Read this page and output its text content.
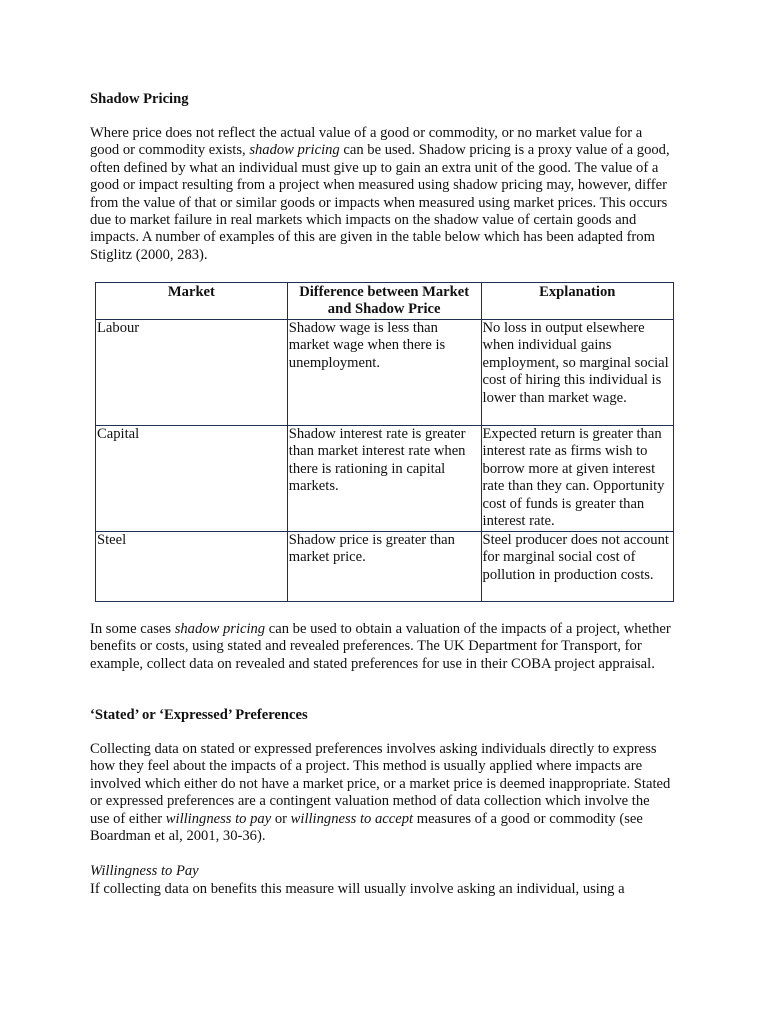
Shadow Pricing

Where price does not reflect the actual value of a good or commodity, or no market value for a good or commodity exists, shadow pricing can be used. Shadow pricing is a proxy value of a good, often defined by what an individual must give up to gain an extra unit of the good. The value of a good or impact resulting from a project when measured using shadow pricing may, however, differ from the value of that or similar goods or impacts when measured using market prices. This occurs due to market failure in real markets which impacts on the shadow value of certain goods and impacts. A number of examples of this are given in the table below which has been adapted from Stiglitz (2000, 283).

Market	Difference between Market and Shadow Price	Explanation
Labour	Shadow wage is less than market wage when there is unemployment.	No loss in output elsewhere when individual gains employment, so marginal social cost of hiring this individual is lower than market wage.
Capital	Shadow interest rate is greater than market interest rate when there is rationing in capital markets.	Expected return is greater than interest rate as firms wish to borrow more at given interest rate than they can. Opportunity cost of funds is greater than interest rate.
Steel	Shadow price is greater than market price.	Steel producer does not account for marginal social cost of pollution in production costs.

In some cases shadow pricing can be used to obtain a valuation of the impacts of a project, whether benefits or costs, using stated and revealed preferences. The UK Department for Transport, for example, collect data on revealed and stated preferences for use in their COBA project appraisal.

‘Stated’ or ‘Expressed’ Preferences

Collecting data on stated or expressed preferences involves asking individuals directly to express how they feel about the impacts of a project. This method is usually applied where impacts are involved which either do not have a market price, or a market price is deemed inappropriate. Stated or expressed preferences are a contingent valuation method of data collection which involve the use of either willingness to pay or willingness to accept measures of a good or commodity (see Boardman et al, 2001, 30-36).

Willingness to Pay

If collecting data on benefits this measure will usually involve asking an individual, using a
